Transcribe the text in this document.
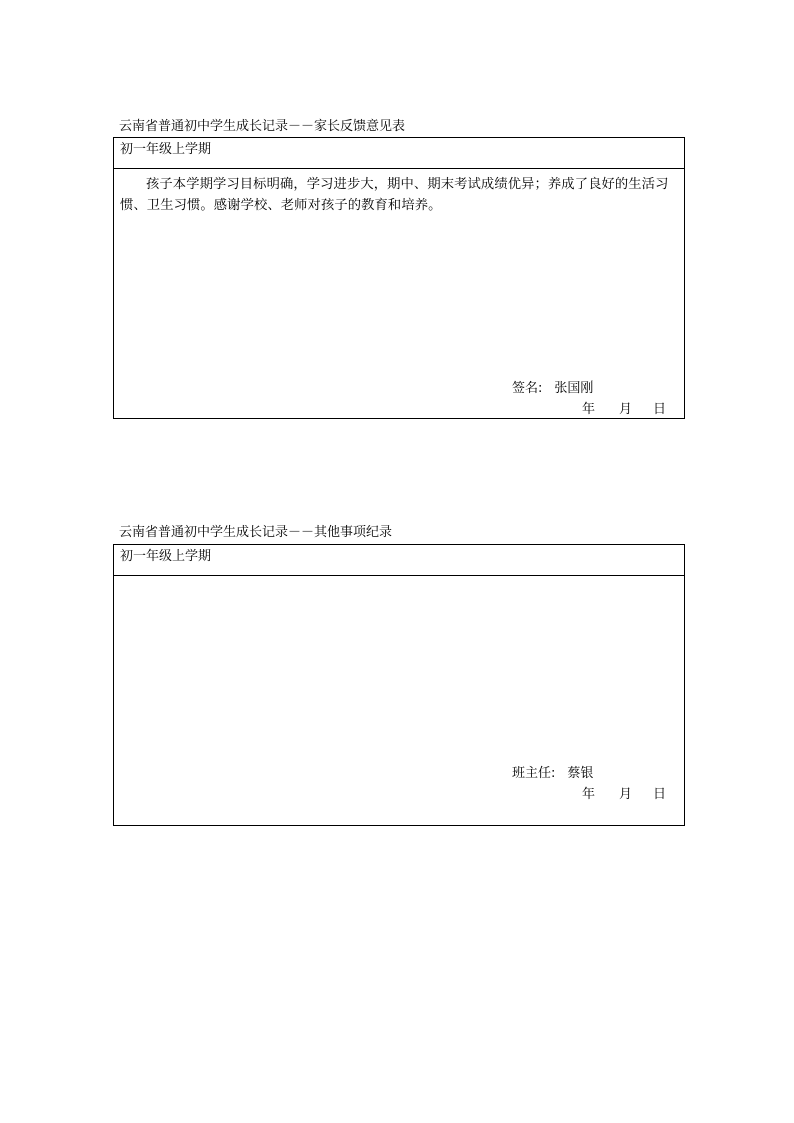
云南省普通初中学生成长记录－－家长反馈意见表
初一年级上学期
孩子本学期学习目标明确，学习进步大，期中、期末考试成绩优异；养成了良好的生活习惯、卫生习惯。感谢学校、老师对孩子的教育和培养。
签名: 张国刚
年 月 日
云南省普通初中学生成长记录－－其他事项纪录
初一年级上学期
班主任: 蔡银
年 月 日
